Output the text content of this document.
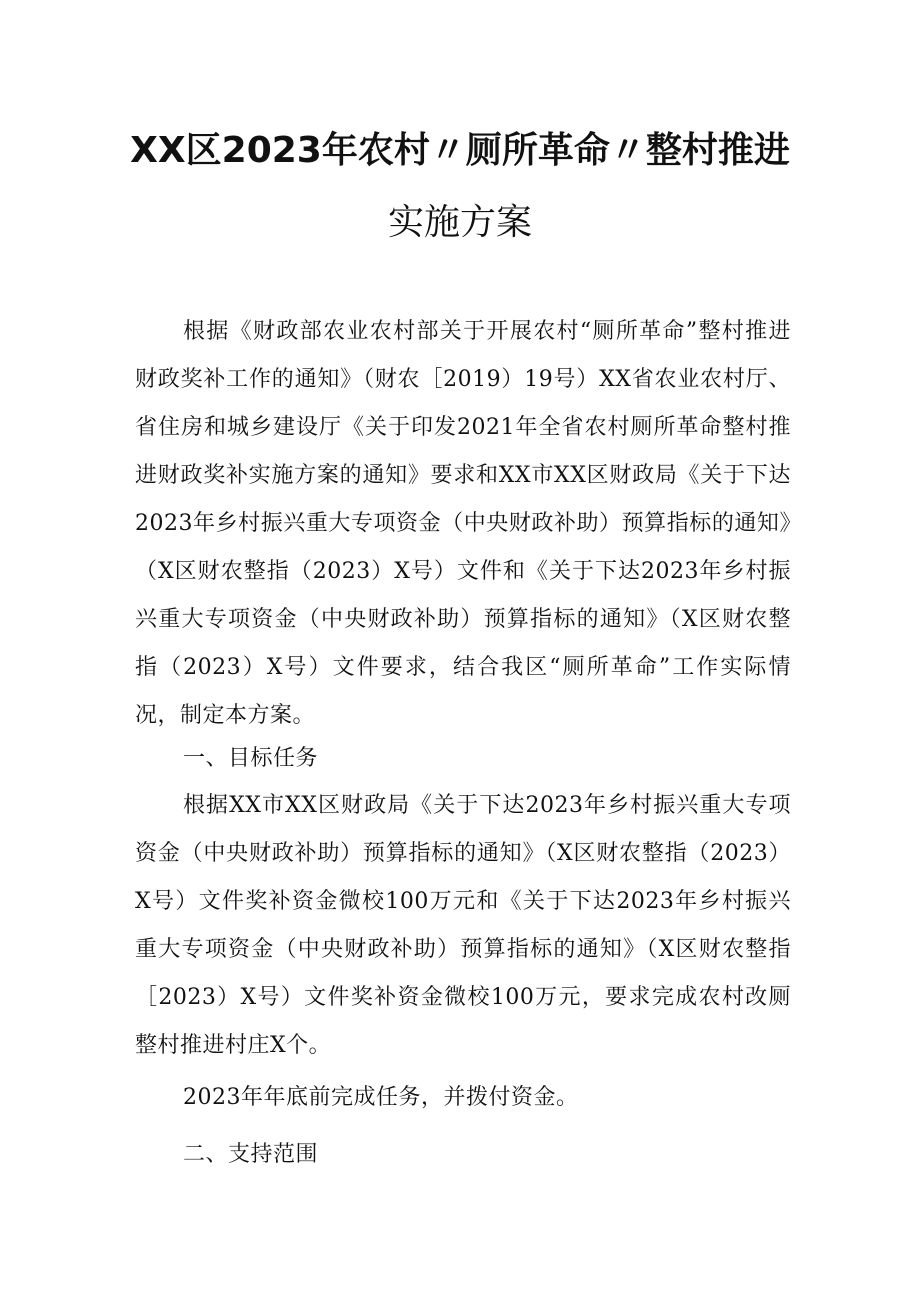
XX区2023年农村〃厕所革命〃整村推进
实施方案
根据《财政部农业农村部关于开展农村“厕所革命”整村推进财政奖补工作的通知》（财农［2019）19号）XX省农业农村厅、省住房和城乡建设厅《关于印发2021年全省农村厕所革命整村推进财政奖补实施方案的通知》要求和XX市XX区财政局《关于下达2023年乡村振兴重大专项资金（中央财政补助）预算指标的通知》（X区财农整指（2023）X号）文件和《关于下达2023年乡村振兴重大专项资金（中央财政补助）预算指标的通知》（X区财农整指（2023）X号）文件要求，结合我区“厕所革命”工作实际情况，制定本方案。
一、目标任务
根据XX市XX区财政局《关于下达2023年乡村振兴重大专项资金（中央财政补助）预算指标的通知》（X区财农整指（2023）X号）文件奖补资金微校100万元和《关于下达2023年乡村振兴重大专项资金（中央财政补助）预算指标的通知》（X区财农整指［2023）X号）文件奖补资金微校100万元，要求完成农村改厕整村推进村庄X个。
2023年年底前完成任务，并拨付资金。
二、支持范围
